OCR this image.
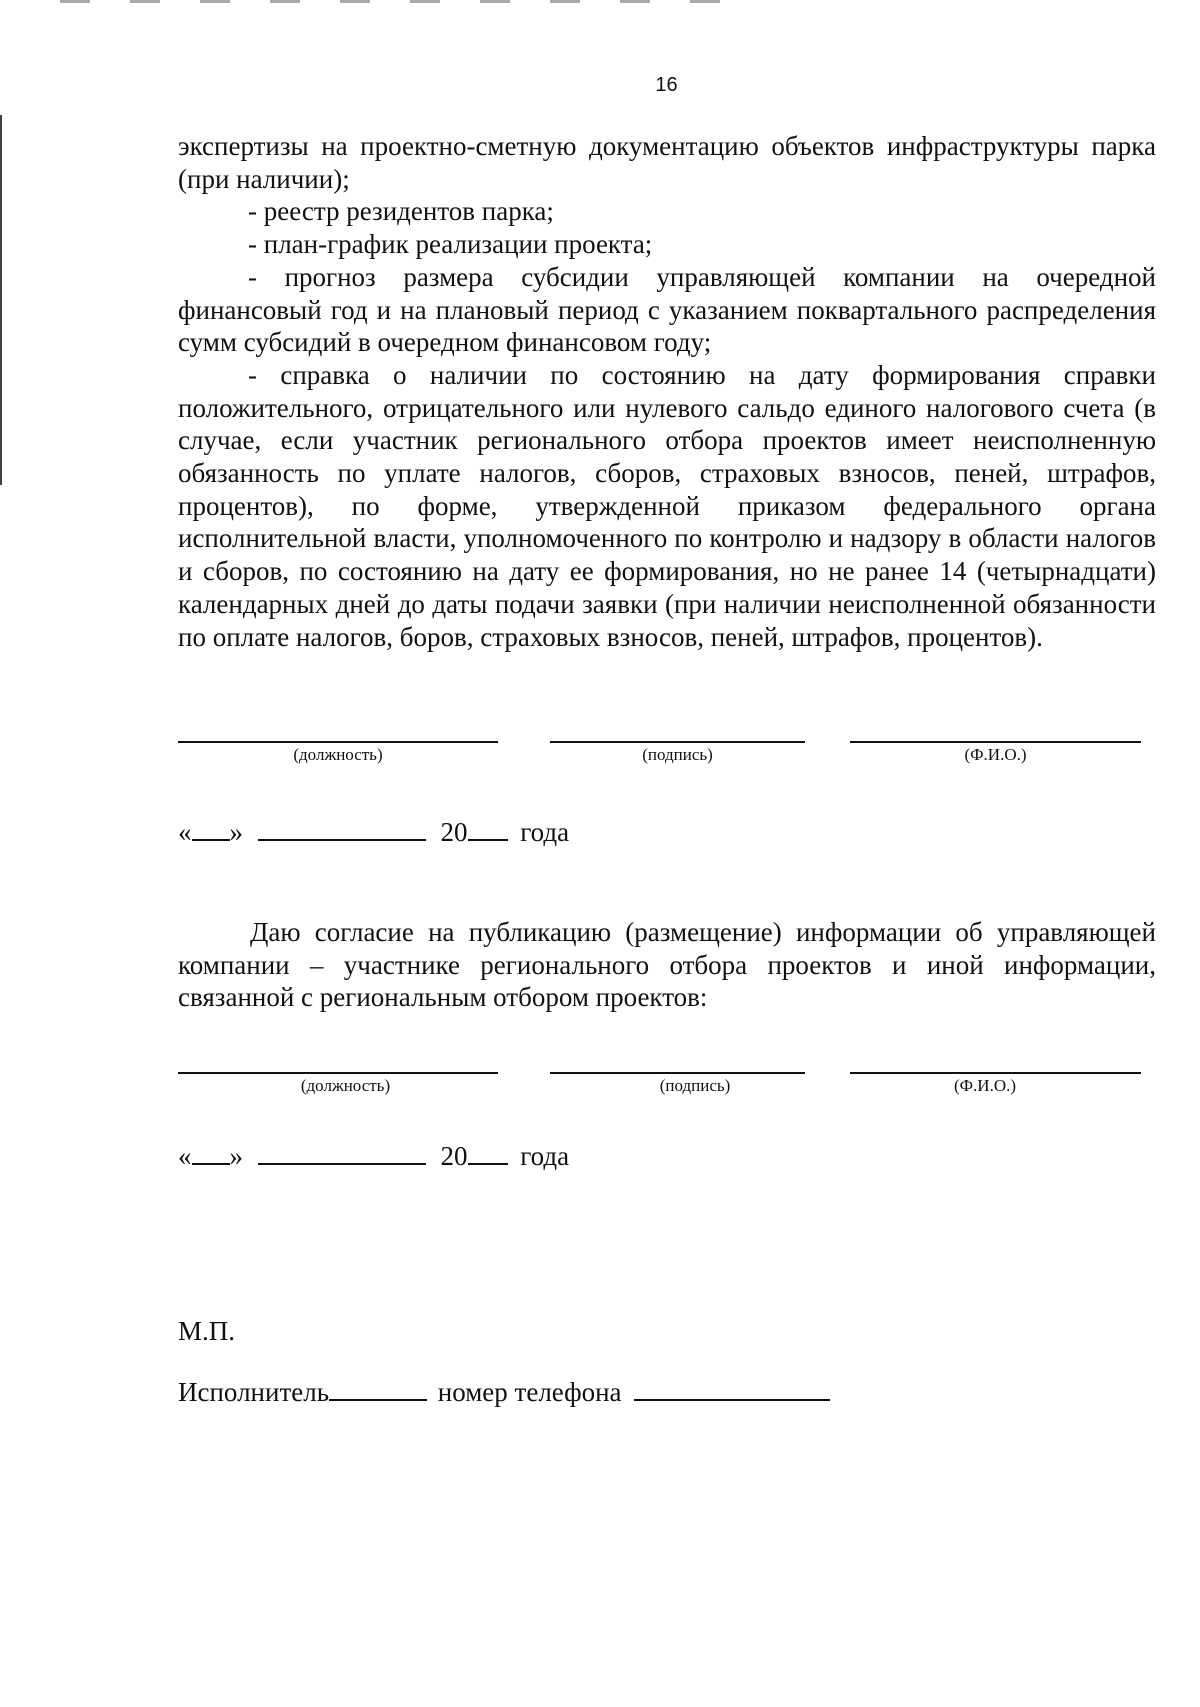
16

экспертизы на проектно-сметную документацию объектов инфраструктуры парка (при наличии);

- реестр резидентов парка;

- план-график реализации проекта;

- прогноз размера субсидии управляющей компании на очередной финансовый год и на плановый период с указанием поквартального распределения сумм субсидий в очередном финансовом году;

- справка о наличии по состоянию на дату формирования справки положительного, отрицательного или нулевого сальдо единого налогового счета (в случае, если участник регионального отбора проектов имеет неисполненную обязанность по уплате налогов, сборов, страховых взносов, пеней, штрафов, процентов), по форме, утвержденной приказом федерального органа исполнительной власти, уполномоченного по контролю и надзору в области налогов и сборов, по состоянию на дату ее формирования, но не ранее 14 (четырнадцати) календарных дней до даты подачи заявки (при наличии неисполненной обязанности по оплате налогов, боров, страховых взносов, пеней, штрафов, процентов).

(должность)	(подпись)	(Ф.И.О.)
« »	20 года

Даю согласие на публикацию (размещение) информации об управляющей компании – участнике регионального отбора проектов и иной информации, связанной с региональным отбором проектов:

(должность)	(подпись)	(Ф.И.О.)
« »	20 года
М.П.
Исполнитель	номер телефона
